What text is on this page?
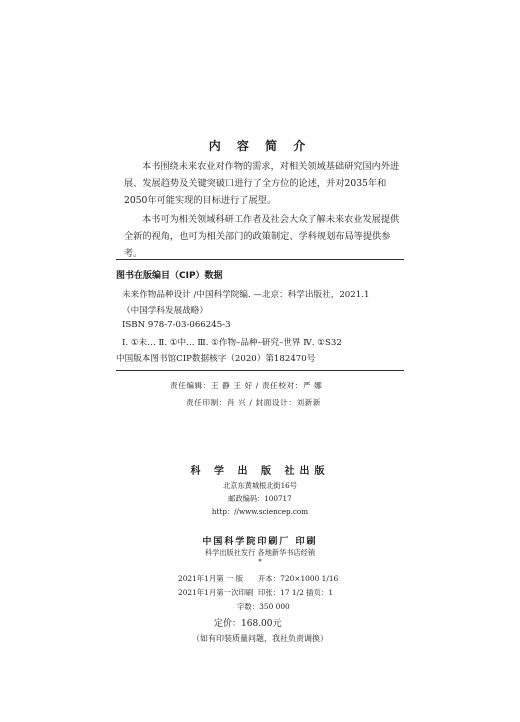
内 容 简 介
本书围绕未来农业对作物的需求，对相关领域基础研究国内外进展、发展趋势及关键突破口进行了全方位的论述，并对2035年和2050年可能实现的目标进行了展望。
本书可为相关领域科研工作者及社会大众了解未来农业发展提供全新的视角，也可为相关部门的政策制定、学科规划布局等提供参考。
图书在版编目（CIP）数据
未来作物品种设计 /中国科学院编. —北京：科学出版社，2021.1
（中国学科发展战略）
ISBN 978-7-03-066245-3
Ⅰ. ①未… Ⅱ. ①中… Ⅲ. ①作物–品种–研究–世界 Ⅳ. ①S32
中国版本图书馆CIP数据核字（2020）第182470号
责任编辑：王 静 王 好 / 责任校对：严 娜
责任印制：肖 兴 / 封面设计：刘新新
科 学 出 版 社出版
北京东黄城根北街16号
邮政编码：100717
http：//www.sciencep.com
中国科学院印刷厂 印刷
科学出版社发行 各地新华书店经销
*
2021年1月第 一 版 开本：720×1000 1/16
2021年1月第一次印刷 印张：17 1/2 插页：1
字数：350 000
定价：168.00元
（如有印装质量问题，我社负责调换）
